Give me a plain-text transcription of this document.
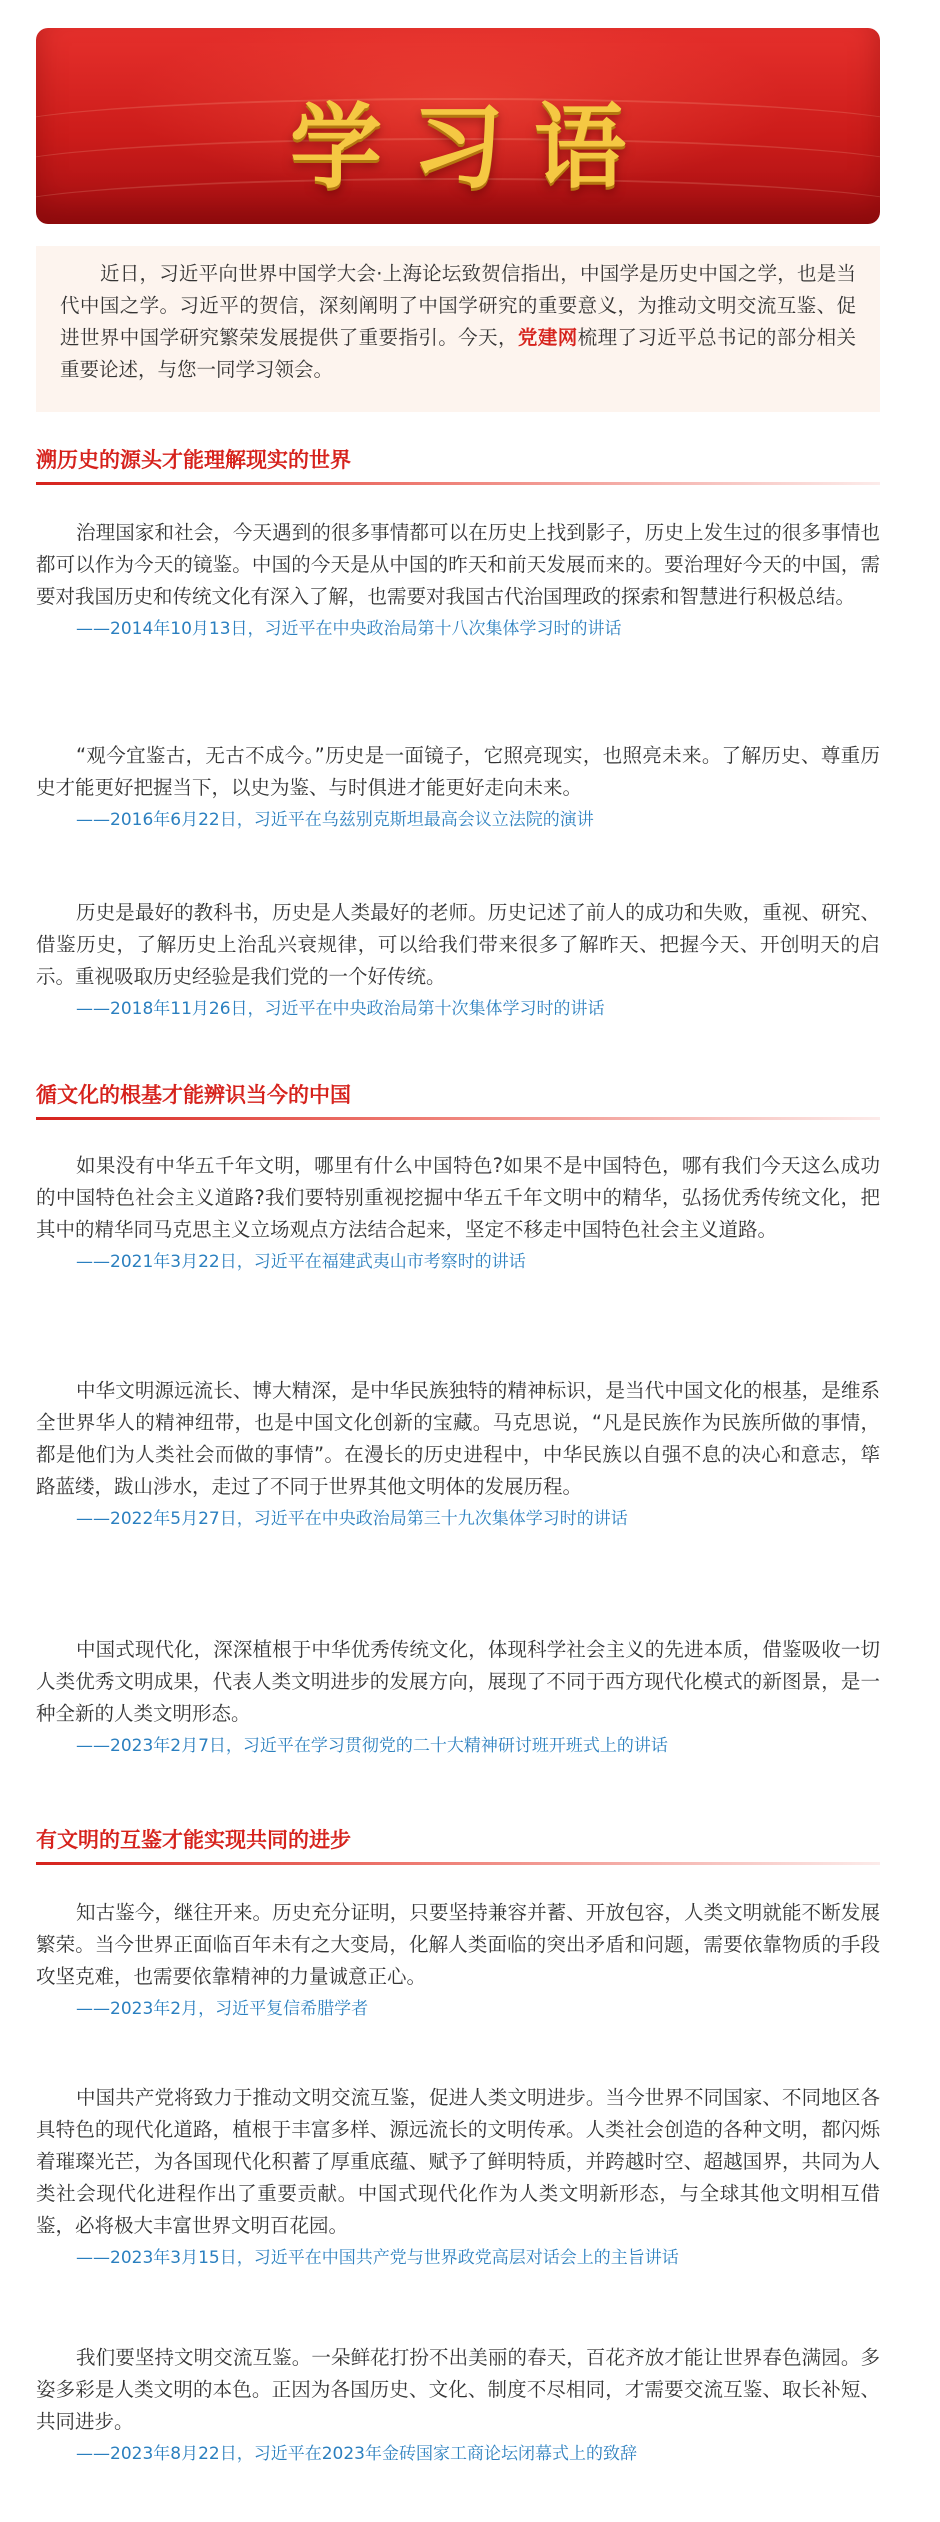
学习语
近日，习近平向世界中国学大会·上海论坛致贺信指出，中国学是历史中国之学，也是当代中国之学。习近平的贺信，深刻阐明了中国学研究的重要意义，为推动文明交流互鉴、促进世界中国学研究繁荣发展提供了重要指引。今天，党建网梳理了习近平总书记的部分相关重要论述，与您一同学习领会。
溯历史的源头才能理解现实的世界
治理国家和社会，今天遇到的很多事情都可以在历史上找到影子，历史上发生过的很多事情也都可以作为今天的镜鉴。中国的今天是从中国的昨天和前天发展而来的。要治理好今天的中国，需要对我国历史和传统文化有深入了解，也需要对我国古代治国理政的探索和智慧进行积极总结。
——2014年10月13日，习近平在中央政治局第十八次集体学习时的讲话
“观今宜鉴古，无古不成今。”历史是一面镜子，它照亮现实，也照亮未来。了解历史、尊重历史才能更好把握当下，以史为鉴、与时俱进才能更好走向未来。
——2016年6月22日，习近平在乌兹别克斯坦最高会议立法院的演讲
历史是最好的教科书，历史是人类最好的老师。历史记述了前人的成功和失败，重视、研究、借鉴历史，了解历史上治乱兴衰规律，可以给我们带来很多了解昨天、把握今天、开创明天的启示。重视吸取历史经验是我们党的一个好传统。
——2018年11月26日，习近平在中央政治局第十次集体学习时的讲话
循文化的根基才能辨识当今的中国
如果没有中华五千年文明，哪里有什么中国特色?如果不是中国特色，哪有我们今天这么成功的中国特色社会主义道路?我们要特别重视挖掘中华五千年文明中的精华，弘扬优秀传统文化，把其中的精华同马克思主义立场观点方法结合起来，坚定不移走中国特色社会主义道路。
——2021年3月22日，习近平在福建武夷山市考察时的讲话
中华文明源远流长、博大精深，是中华民族独特的精神标识，是当代中国文化的根基，是维系全世界华人的精神纽带，也是中国文化创新的宝藏。马克思说，“凡是民族作为民族所做的事情，都是他们为人类社会而做的事情”。在漫长的历史进程中，中华民族以自强不息的决心和意志，筚路蓝缕，跋山涉水，走过了不同于世界其他文明体的发展历程。
——2022年5月27日，习近平在中央政治局第三十九次集体学习时的讲话
中国式现代化，深深植根于中华优秀传统文化，体现科学社会主义的先进本质，借鉴吸收一切人类优秀文明成果，代表人类文明进步的发展方向，展现了不同于西方现代化模式的新图景，是一种全新的人类文明形态。
——2023年2月7日，习近平在学习贯彻党的二十大精神研讨班开班式上的讲话
有文明的互鉴才能实现共同的进步
知古鉴今，继往开来。历史充分证明，只要坚持兼容并蓄、开放包容，人类文明就能不断发展繁荣。当今世界正面临百年未有之大变局，化解人类面临的突出矛盾和问题，需要依靠物质的手段攻坚克难，也需要依靠精神的力量诚意正心。
——2023年2月，习近平复信希腊学者
中国共产党将致力于推动文明交流互鉴，促进人类文明进步。当今世界不同国家、不同地区各具特色的现代化道路，植根于丰富多样、源远流长的文明传承。人类社会创造的各种文明，都闪烁着璀璨光芒，为各国现代化积蓄了厚重底蕴、赋予了鲜明特质，并跨越时空、超越国界，共同为人类社会现代化进程作出了重要贡献。中国式现代化作为人类文明新形态，与全球其他文明相互借鉴，必将极大丰富世界文明百花园。
——2023年3月15日，习近平在中国共产党与世界政党高层对话会上的主旨讲话
我们要坚持文明交流互鉴。一朵鲜花打扮不出美丽的春天，百花齐放才能让世界春色满园。多姿多彩是人类文明的本色。正因为各国历史、文化、制度不尽相同，才需要交流互鉴、取长补短、共同进步。
——2023年8月22日，习近平在2023年金砖国家工商论坛闭幕式上的致辞
